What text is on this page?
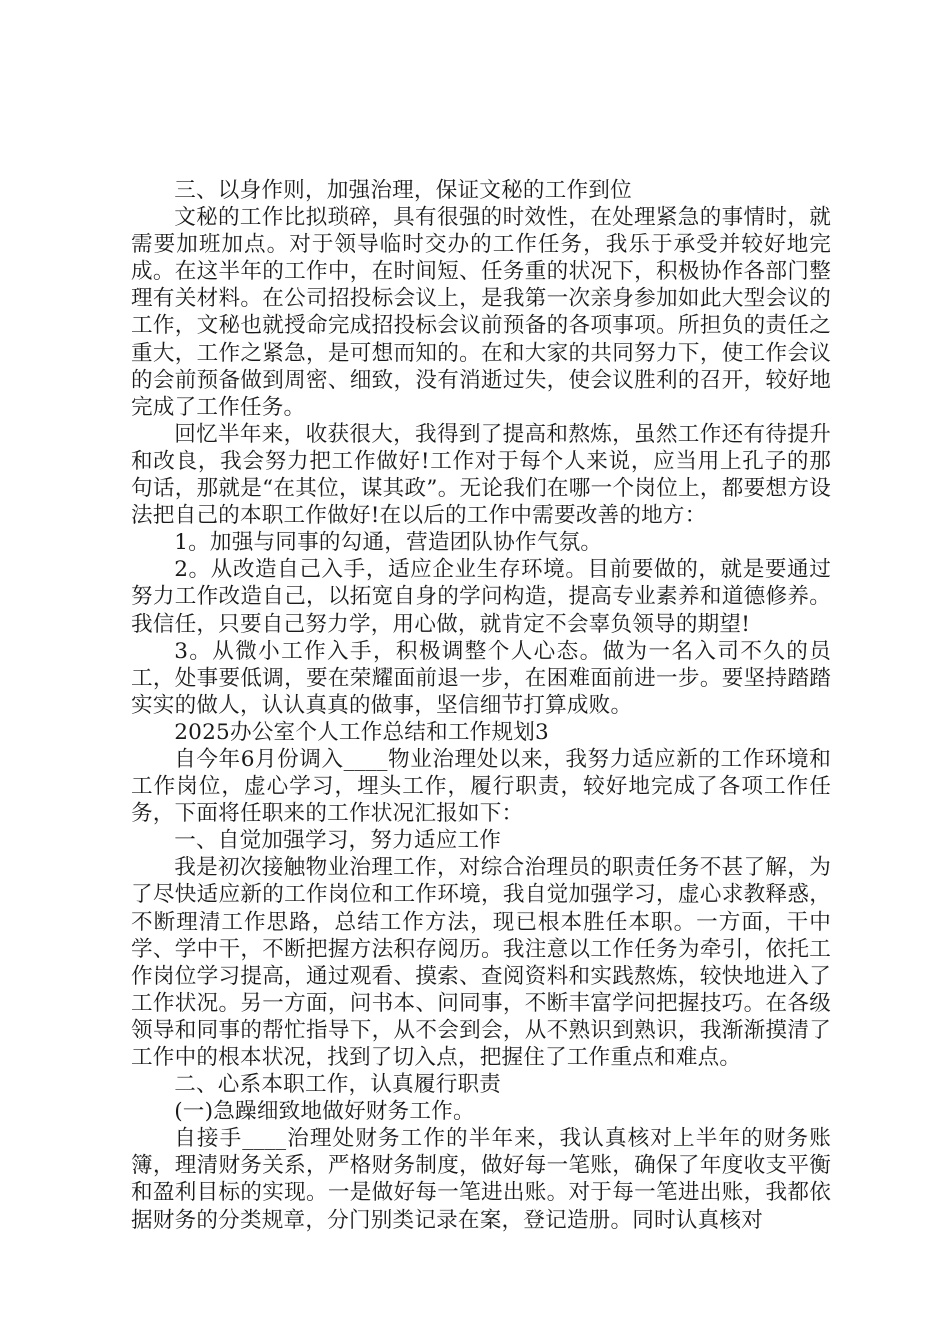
三、以身作则，加强治理，保证文秘的工作到位

文秘的工作比拟琐碎，具有很强的时效性，在处理紧急的事情时，就需要加班加点。对于领导临时交办的工作任务，我乐于承受并较好地完成。在这半年的工作中，在时间短、任务重的状况下，积极协作各部门整理有关材料。在公司招投标会议上，是我第一次亲身参加如此大型会议的工作，文秘也就授命完成招投标会议前预备的各项事项。所担负的责任之重大，工作之紧急，是可想而知的。在和大家的共同努力下，使工作会议的会前预备做到周密、细致，没有消逝过失，使会议胜利的召开，较好地完成了工作任务。

回忆半年来，收获很大，我得到了提高和熬炼，虽然工作还有待提升和改良，我会努力把工作做好!工作对于每个人来说，应当用上孔子的那句话，那就是“在其位，谋其政”。无论我们在哪一个岗位上，都要想方设法把自己的本职工作做好!在以后的工作中需要改善的地方：

1。加强与同事的勾通，营造团队协作气氛。

2。从改造自己入手，适应企业生存环境。目前要做的，就是要通过努力工作改造自己，以拓宽自身的学问构造，提高专业素养和道德修养。我信任，只要自己努力学，用心做，就肯定不会辜负领导的期望!

3。从微小工作入手，积极调整个人心态。做为一名入司不久的员工，处事要低调，要在荣耀面前退一步，在困难面前进一步。要坚持踏踏实实的做人，认认真真的做事，坚信细节打算成败。

2025办公室个人工作总结和工作规划3

自今年6月份调入____物业治理处以来，我努力适应新的工作环境和工作岗位，虚心学习，埋头工作，履行职责，较好地完成了各项工作任务，下面将任职来的工作状况汇报如下：

一、自觉加强学习，努力适应工作

我是初次接触物业治理工作，对综合治理员的职责任务不甚了解，为了尽快适应新的工作岗位和工作环境，我自觉加强学习，虚心求教释惑，不断理清工作思路，总结工作方法，现已根本胜任本职。一方面，干中学、学中干，不断把握方法积存阅历。我注意以工作任务为牵引，依托工作岗位学习提高，通过观看、摸索、查阅资料和实践熬炼，较快地进入了工作状况。另一方面，问书本、问同事，不断丰富学问把握技巧。在各级领导和同事的帮忙指导下，从不会到会，从不熟识到熟识，我渐渐摸清了工作中的根本状况，找到了切入点，把握住了工作重点和难点。

二、心系本职工作，认真履行职责

(一)急躁细致地做好财务工作。

自接手____治理处财务工作的半年来，我认真核对上半年的财务账簿，理清财务关系，严格财务制度，做好每一笔账，确保了年度收支平衡和盈利目标的实现。一是做好每一笔进出账。对于每一笔进出账，我都依据财务的分类规章，分门别类记录在案，登记造册。同时认真核对
